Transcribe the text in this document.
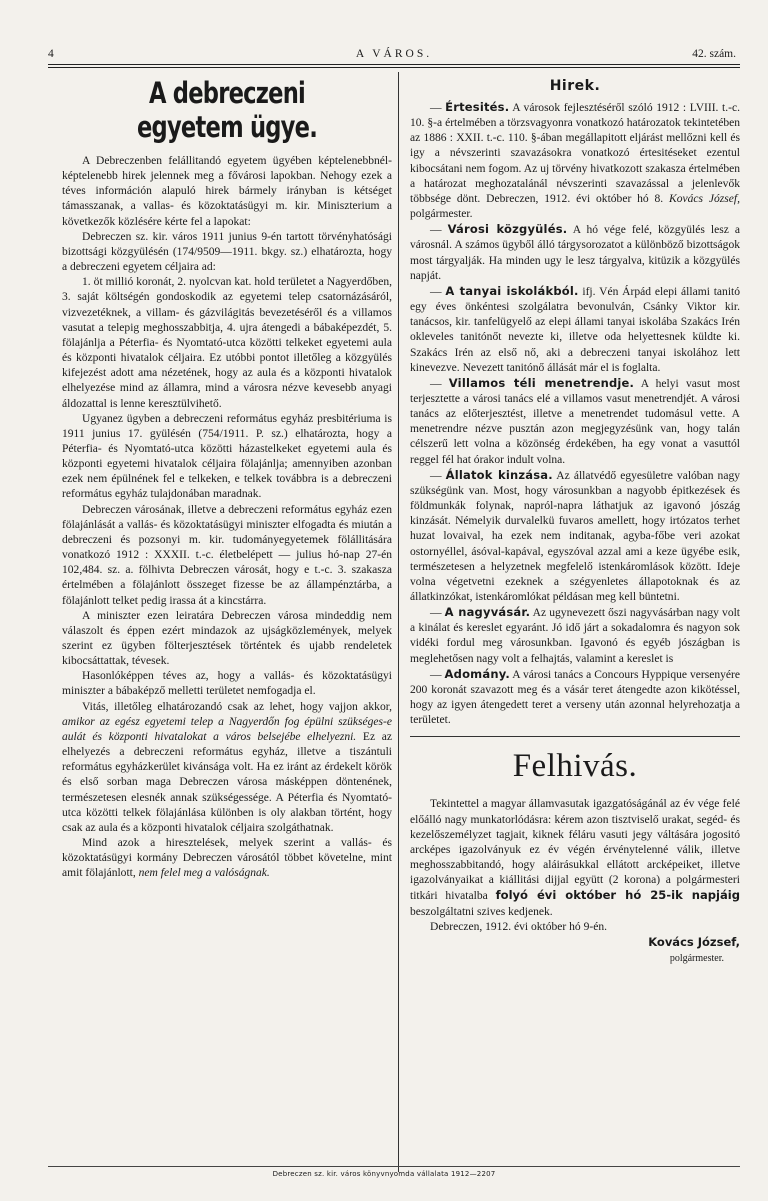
4	A VÁROS.	42. szám.
A debreczeni egyetem ügye.

A Debreczenben felállitandó egyetem ügyében képtelenebbnél-képtelenebb hirek jelennek meg a fővárosi lapokban. Nehogy ezek a téves információn alapuló hirek bármely irányban is kétséget támasszanak, a vallas- és közoktatásügyi m. kir. Miniszterium a következők közlésére kérte fel a lapokat:

Debreczen sz. kir. város 1911 junius 9-én tartott törvényhatósági bizottsági közgyülésén (174/9509—1911. bkgy. sz.) elhatározta, hogy a debreczeni egyetem céljaira ad:

1. öt millió koronát, 2. nyolcvan kat. hold területet a Nagyerdőben, 3. saját költségén gondoskodik az egyetemi telep csatornázásáról, vizvezetéknek, a villam- és gázvilágitás bevezetéséről és a villamos vasutat a telepig meghosszabbitja, 4. ujra átengedi a bábaképezdét, 5. fölajánlja a Péterfia- és Nyomtató-utca közötti telkeket egyetemi aula és központi hivatalok céljaira. Ez utóbbi pontot illetőleg a közgyülés kifejezést adott ama nézetének, hogy az aula és a központi hivatalok elhelyezése mind az államra, mind a városra nézve kevesebb anyagi áldozattal is lenne keresztülvihető.

Ugyanez ügyben a debreczeni református egyház presbitériuma is 1911 junius 17. gyülésén (754/1911. P. sz.) elhatározta, hogy a Péterfia- és Nyomtató-utca közötti házastelkeket egyetemi aula és központi egyetemi hivatalok céljaira fölajánlja; amennyiben azonban ezek nem épülnének fel e telkeken, e telkek továbbra is a debreczeni református egyház tulajdonában maradnak.

Debreczen városának, illetve a debreczeni református egyház ezen fölajánlását a vallás- és közoktatásügyi miniszter elfogadta és miután a debreczeni és pozsonyi m. kir. tudományegyetemek fölállitására vonatkozó 1912 : XXXII. t.-c. életbelépett — julius hó-nap 27-én 102,484. sz. a. fölhivta Debreczen városát, hogy e t.-c. 3. szakasza értelmében a fölajánlott összeget fizesse be az állampénztárba, a fölajánlott telket pedig irassa át a kincstárra.

A miniszter ezen leiratára Debreczen városa mindeddig nem válaszolt és éppen ezért mindazok az ujságközlemények, melyek szerint ez ügyben fölterjesztések történtek és ujabb rendeletek kibocsáttattak, tévesek.

Hasonlóképpen téves az, hogy a vallás- és közoktatásügyi miniszter a bábaképző melletti területet nemfogadja el.

Vitás, illetőleg elhatározandó csak az lehet, hogy vajjon akkor, amikor az egész egyetemi telep a Nagyerdőn fog épülni szükséges-e aulát és központi hivatalokat a város belsejébe elhelyezni. Ez az elhelyezés a debreczeni református egyház, illetve a tiszántuli református egyházkerület kivánsága volt. Ha ez iránt az érdekelt körök és első sorban maga Debreczen városa másképpen döntenének, természetesen elesnék annak szükségessége. A Péterfia és Nyomtató-utca közötti telkek fölajánlása különben is oly alakban történt, hogy csak az aula és a központi hivatalok céljaira szolgáthatnak.

Mind azok a hiresztelések, melyek szerint a vallás- és közoktatásügyi kormány Debreczen városától többet követelne, mint amit fölajánlott, nem felel meg a valóságnak.

Hirek.

— Értesités. A városok fejlesztéséről szóló 1912 : LVIII. t.-c. 10. §-a értelmében a törzsvagyonra vonatkozó határozatok tekintetében az 1886 : XXII. t.-c. 110. §-ában megállapitott eljárást mellőzni kell és igy a névszerinti szavazásokra vonatkozó értesitéseket ezentul kibocsátani nem fogom. Az uj törvény hivatkozott szakasza értelmében a határozat meghozatalánál névszerinti szavazással a jelenlevők többsége dönt. Debreczen, 1912. évi október hó 8. Kovács József, polgármester.

— Városi közgyülés. A hó vége felé, közgyülés lesz a városnál. A számos ügyből álló tárgysorozatot a különböző bizottságok most tárgyalják. Ha minden ugy le lesz tárgyalva, kitüzik a közgyülés napját.

— A tanyai iskolákból. ifj. Vén Árpád elepi állami tanitó egy éves önkéntesi szolgálatra bevonulván, Csánky Viktor kir. tanácsos, kir. tanfelügyelő az elepi állami tanyai iskolába Szakács Irén okleveles tanitónőt nevezte ki, illetve oda helyettesnek küldte ki. Szakács Irén az első nő, aki a debreczeni tanyai iskolához lett kinevezve. Nevezett tanitónő állását már el is foglalta.

— Villamos téli menetrendje. A helyi vasut most terjesztette a városi tanács elé a villamos vasut menetrendjét. A városi tanács az előterjesztést, illetve a menetrendet tudomásul vette. A menetrendre nézve pusztán azon megjegyzésünk van, hogy talán célszerű lett volna a közönség érdekében, ha egy vonat a vasuttól reggel fél hat órakor indult volna.

— Állatok kinzása. Az állatvédő egyesületre valóban nagy szükségünk van. Most, hogy városunkban a nagyobb épitkezések és földmunkák folynak, napról-napra láthatjuk az igavonó jószág kinzását. Némelyik durvalelkü fuvaros amellett, hogy irtózatos terhet huzat lovaival, ha ezek nem inditanak, agyba-főbe veri azokat ostornyéllel, ásóval-kapával, egyszóval azzal ami a keze ügyébe esik, természetesen a helyzetnek megfelelő istenkáromlások között. Ideje volna végetvetni ezeknek a szégyenletes állapotoknak és az állatkinzókat, istenkáromlókat példásan meg kell büntetni.

— A nagyvásár. Az ugynevezett őszi nagyvásárban nagy volt a kinálat és kereslet egyaránt. Jó idő járt a sokadalomra és nagyon sok vidéki fordul meg városunkban. Igavonó és egyéb jószágban is meglehetősen nagy volt a felhajtás, valamint a kereslet is

— Adomány. A városi tanács a Concours Hyppique versenyére 200 koronát szavazott meg és a vásár teret átengedte azon kikötéssel, hogy az igyen átengedett teret a verseny után azonnal helyrehozatja a területet.

Felhivás.

Tekintettel a magyar államvasutak igazgatóságánál az év vége felé előálló nagy munkatorlódásra: kérem azon tisztviselő urakat, segéd- és kezelőszemélyzet tagjait, kiknek féláru vasuti jegy váltására jogositó arcképes igazolványuk ez év végén érvénytelenné válik, illetve meghosszabbitandó, hogy aláirásukkal ellátott arcképeiket, illetve igazolványaikat a kiállitási dijjal együtt (2 korona) a polgármesteri titkári hivatalba folyó évi október hó 25-ik napjáig beszolgáltatni szives kedjenek.

Debreczen, 1912. évi október hó 9-én.

Kovács József,
polgármester.
Debreczen sz. kir. város könyvnyomda vállalata 1912—2207
